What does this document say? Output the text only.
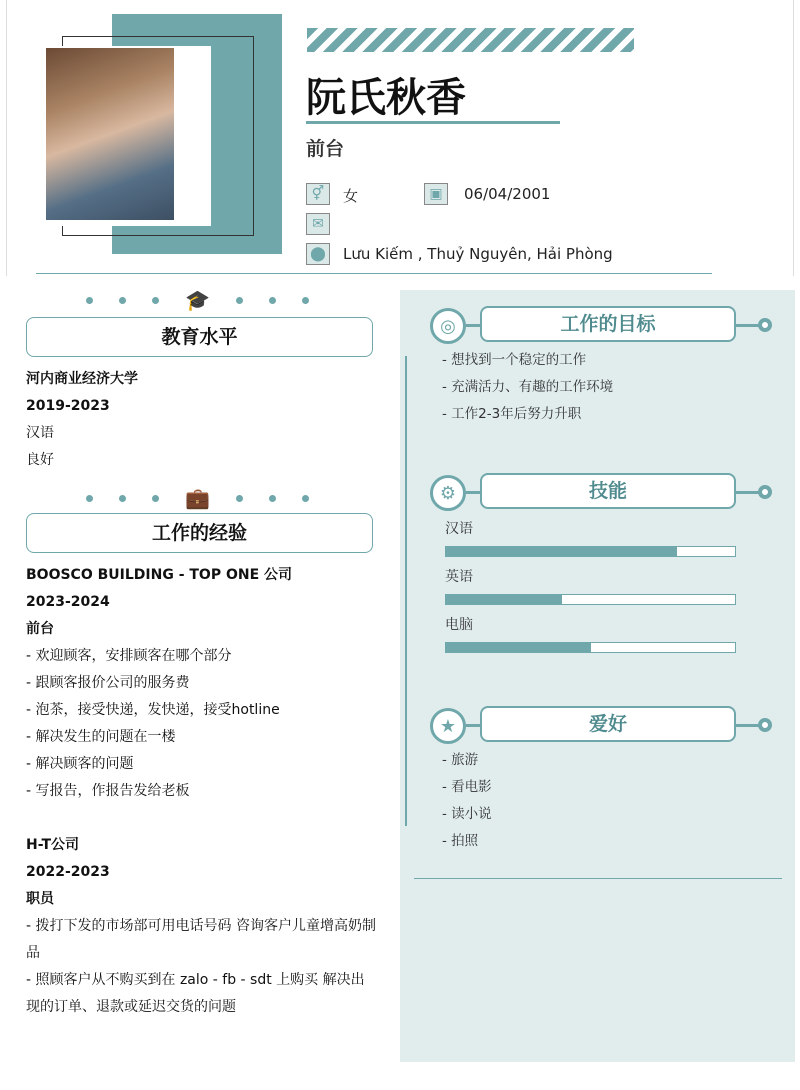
阮氏秋香
前台
⚥	女	▣	06/04/2001
✉
⬤ Lưu Kiếm , Thuỷ Nguyên, Hải Phòng
🎓
教育水平
河内商业经济大学
2019-2023
汉语
良好
💼
工作的经验
BOOSCO BUILDING - TOP ONE 公司
2023-2024
前台
- 欢迎顾客，安排顾客在哪个部分
- 跟顾客报价公司的服务费
- 泡茶，接受快递，发快递，接受hotline
- 解决发生的问题在一楼
- 解决顾客的问题
- 写报告，作报告发给老板
H-T公司
2022-2023
职员
- 拨打下发的市场部可用电话号码 咨询客户儿童增高奶制品
- 照顾客户从不购买到在 zalo - fb - sdt 上购买 解决出现的订单、退款或延迟交货的问题
◎	工作的目标
- 想找到一个稳定的工作
- 充满活力、有趣的工作环境
- 工作2-3年后努力升职
⚙	技能
汉语
英语
电脑
★	爱好
- 旅游
- 看电影
- 读小说
- 拍照
